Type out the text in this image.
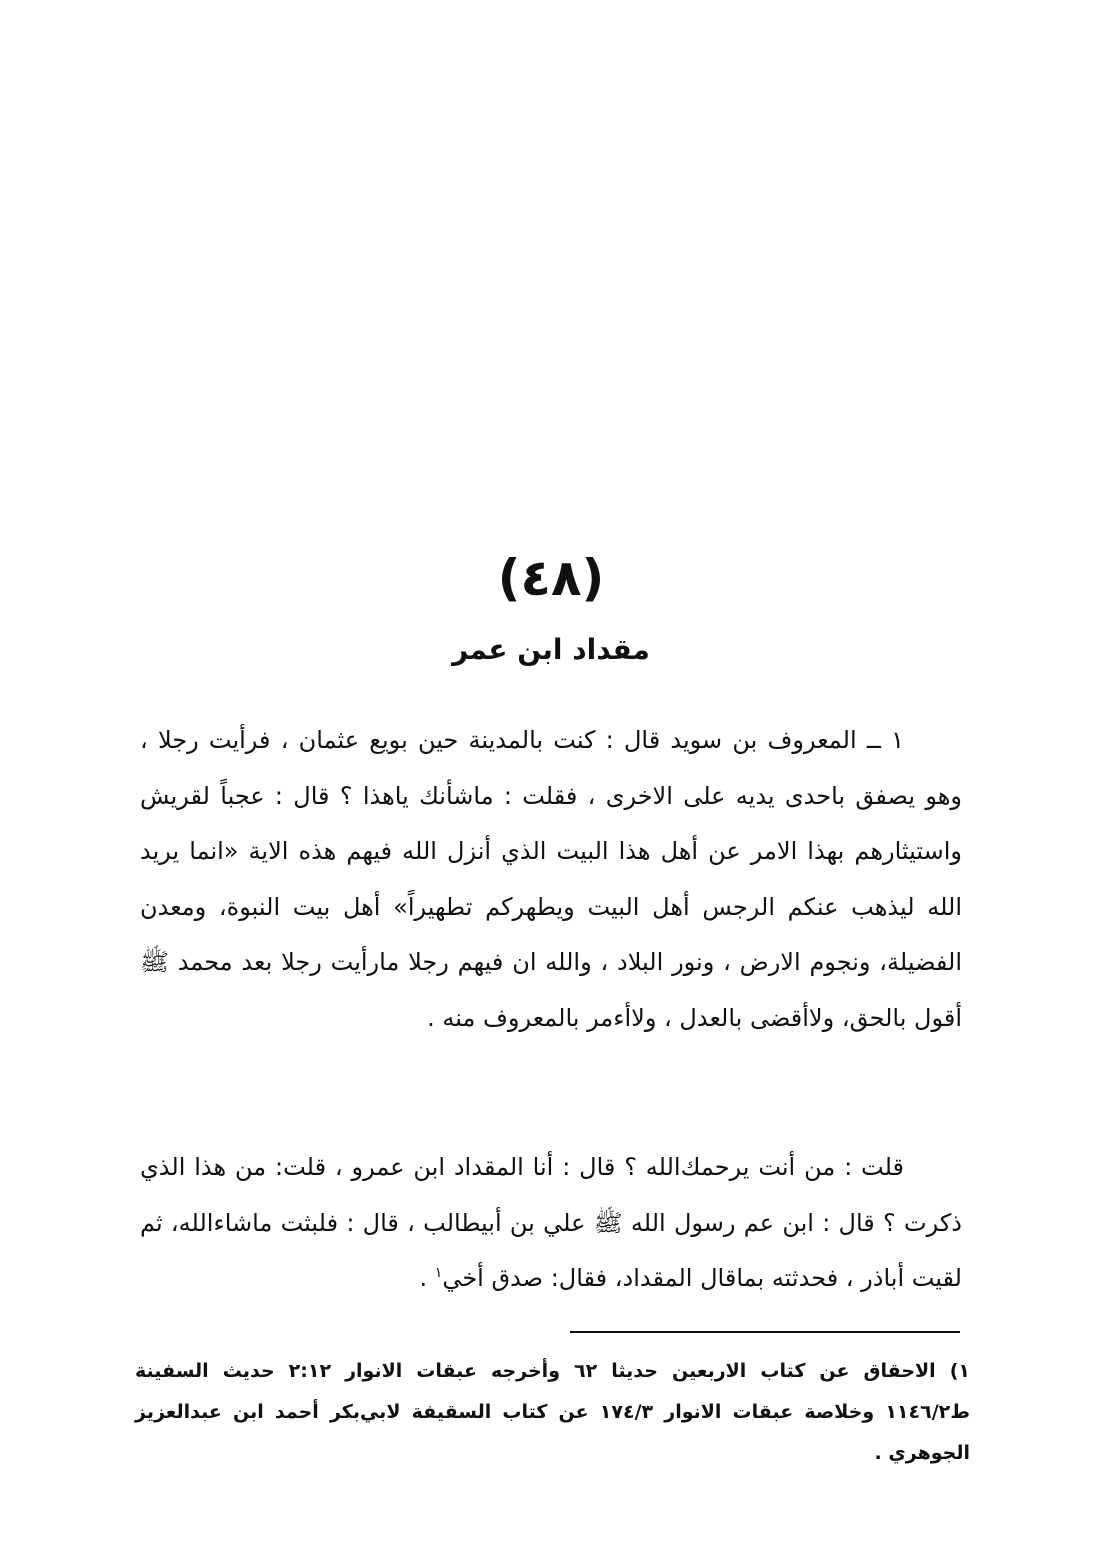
(٤٨)
مقداد ابن عمر
١ ــ المعروف بن سويد قال : كنت بالمدينة حين بويع عثمان ، فرأيت رجلا ، وهو يصفق باحدى يديه على الاخرى ، فقلت : ماشأنك ياهذا ؟ قال : عجباً لقريش واستيثارهم بهذا الامر عن أهل هذا البيت الذي أنزل الله فيهم هذه الاية «انما يريد الله ليذهب عنكم الرجس أهل البيت ويطهركم تطهيراً» أهل بيت النبوة، ومعدن الفضيلة، ونجوم الارض ، ونور البلاد ، والله ان فيهم رجلا مارأيت رجلا بعد محمد ﷺ أقول بالحق، ولاأقضى بالعدل ، ولاأءمر بالمعروف منه .
قلت : من أنت يرحمك‌الله ؟ قال : أنا المقداد ابن عمرو ، قلت: من هذا الذي ذكرت ؟ قال : ابن عم رسول الله ﷺ علي بن أبيطالب ، قال : فلبثت ماشاءالله، ثم لقيت أباذر ، فحدثته بماقال المقداد، فقال: صدق أخي$^١$ .
١) الاحقاق عن كتاب الاربعين حديثا ٦٢ وأخرجه عبقات الانوار ٢:١٢ حديث السفينة ط١١٤٦/٢ وخلاصة عبقات الانوار ١٧٤/٣ عن كتاب السقيفة لابي‌بكر أحمد ابن عبدالعزيز الجوهري .
